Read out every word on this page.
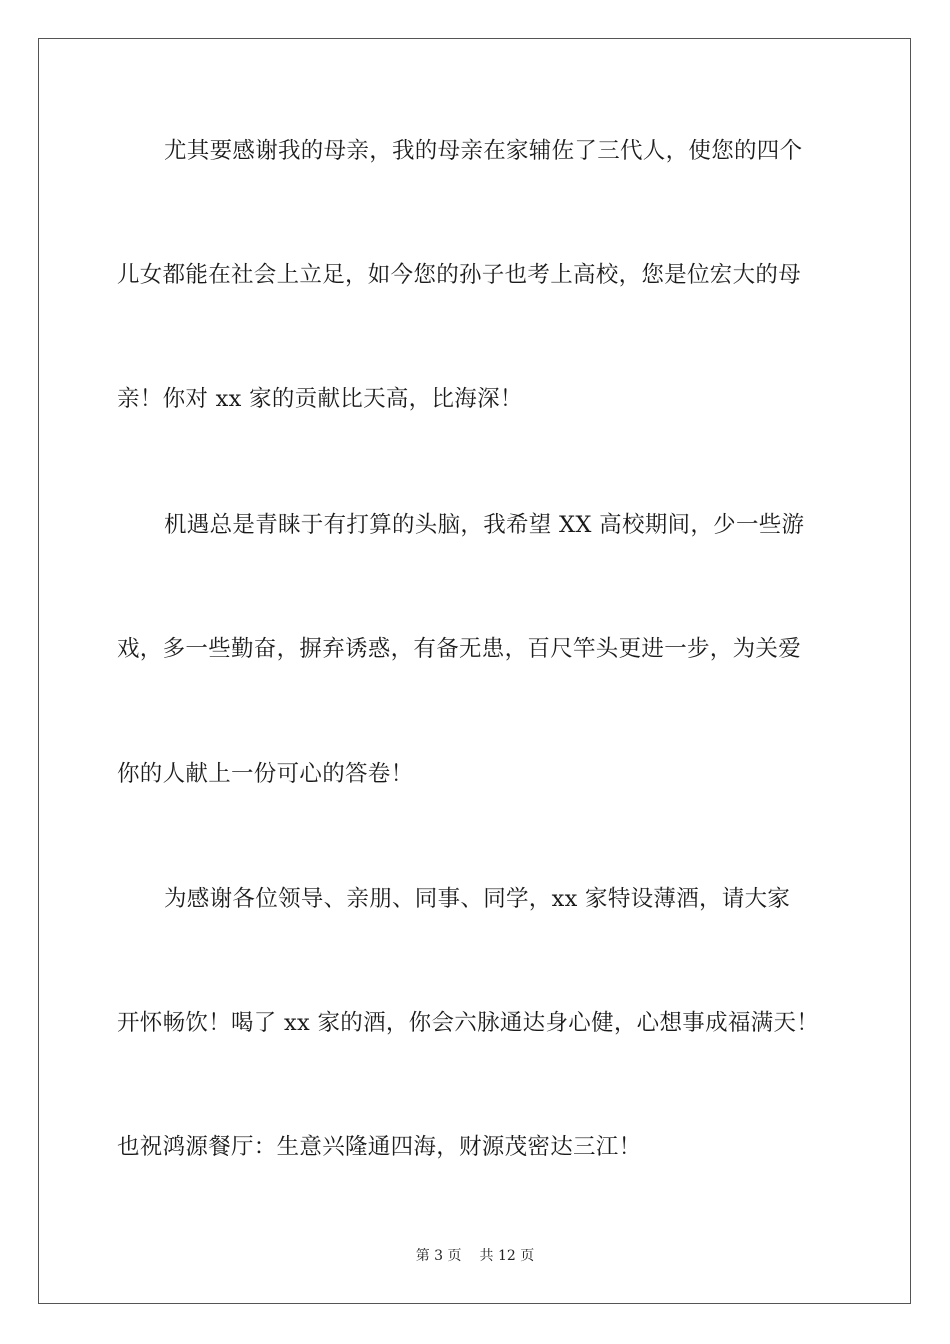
尤其要感谢我的母亲，我的母亲在家辅佐了三代人，使您的四个
儿女都能在社会上立足，如今您的孙子也考上高校，您是位宏大的母
亲！你对 xx 家的贡献比天高，比海深！
机遇总是青睐于有打算的头脑，我希望 XX 高校期间，少一些游
戏，多一些勤奋，摒弃诱惑，有备无患，百尺竿头更进一步，为关爱
你的人献上一份可心的答卷！
为感谢各位领导、亲朋、同事、同学，xx 家特设薄酒，请大家
开怀畅饮！喝了 xx 家的酒，你会六脉通达身心健，心想事成福满天！
也祝鸿源餐厅：生意兴隆通四海，财源茂密达三江！
第 3 页 共 12 页
